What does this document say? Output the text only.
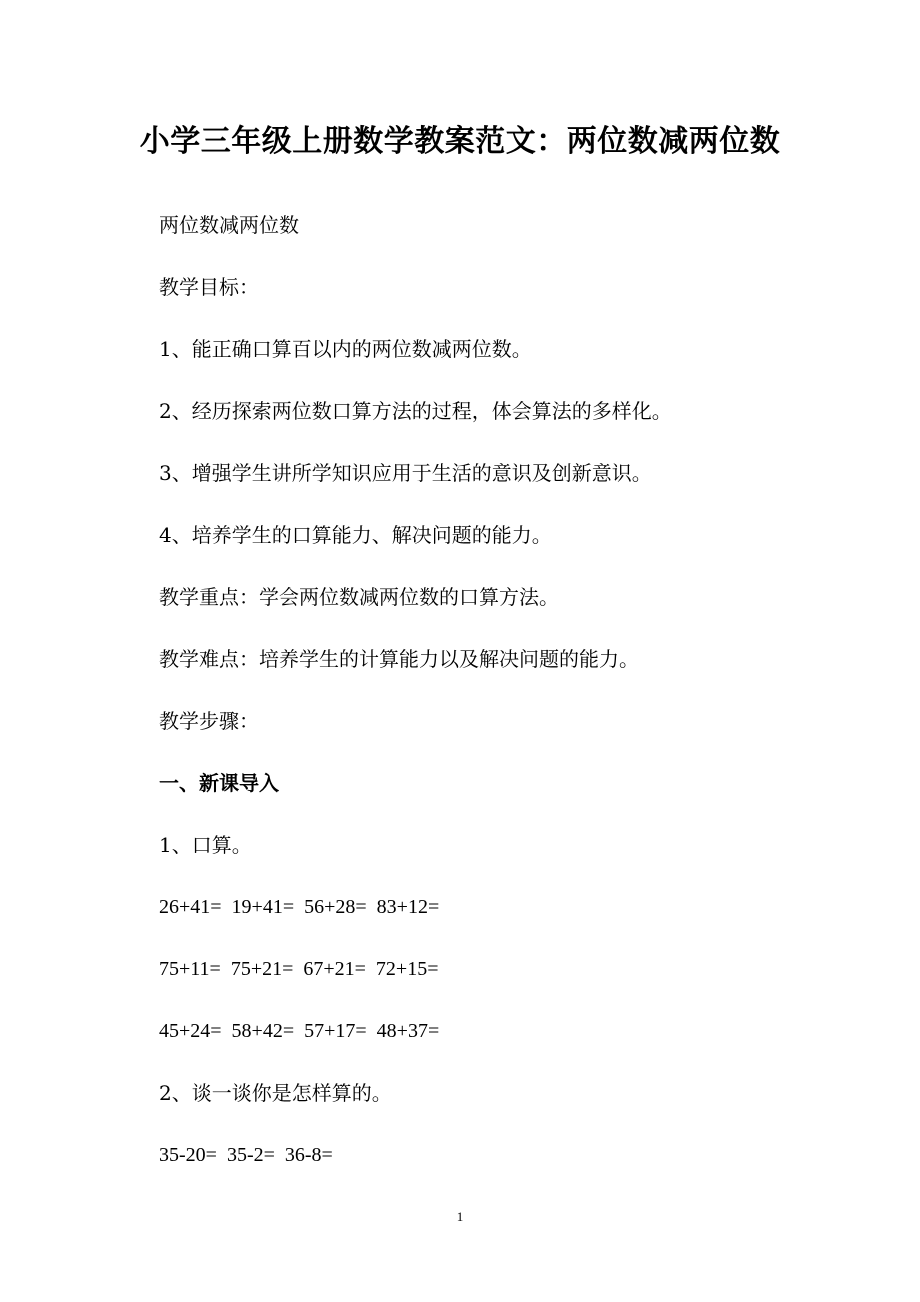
小学三年级上册数学教案范文：两位数减两位数
两位数减两位数
教学目标：
1、能正确口算百以内的两位数减两位数。
2、经历探索两位数口算方法的过程，体会算法的多样化。
3、增强学生讲所学知识应用于生活的意识及创新意识。
4、培养学生的口算能力、解决问题的能力。
教学重点：学会两位数减两位数的口算方法。
教学难点：培养学生的计算能力以及解决问题的能力。
教学步骤：
一、新课导入
1、口算。
26+41=  19+41=  56+28=  83+12=
75+11=  75+21=  67+21=  72+15=
45+24=  58+42=  57+17=  48+37=
2、谈一谈你是怎样算的。
35-20=  35-2=  36-8=
1
